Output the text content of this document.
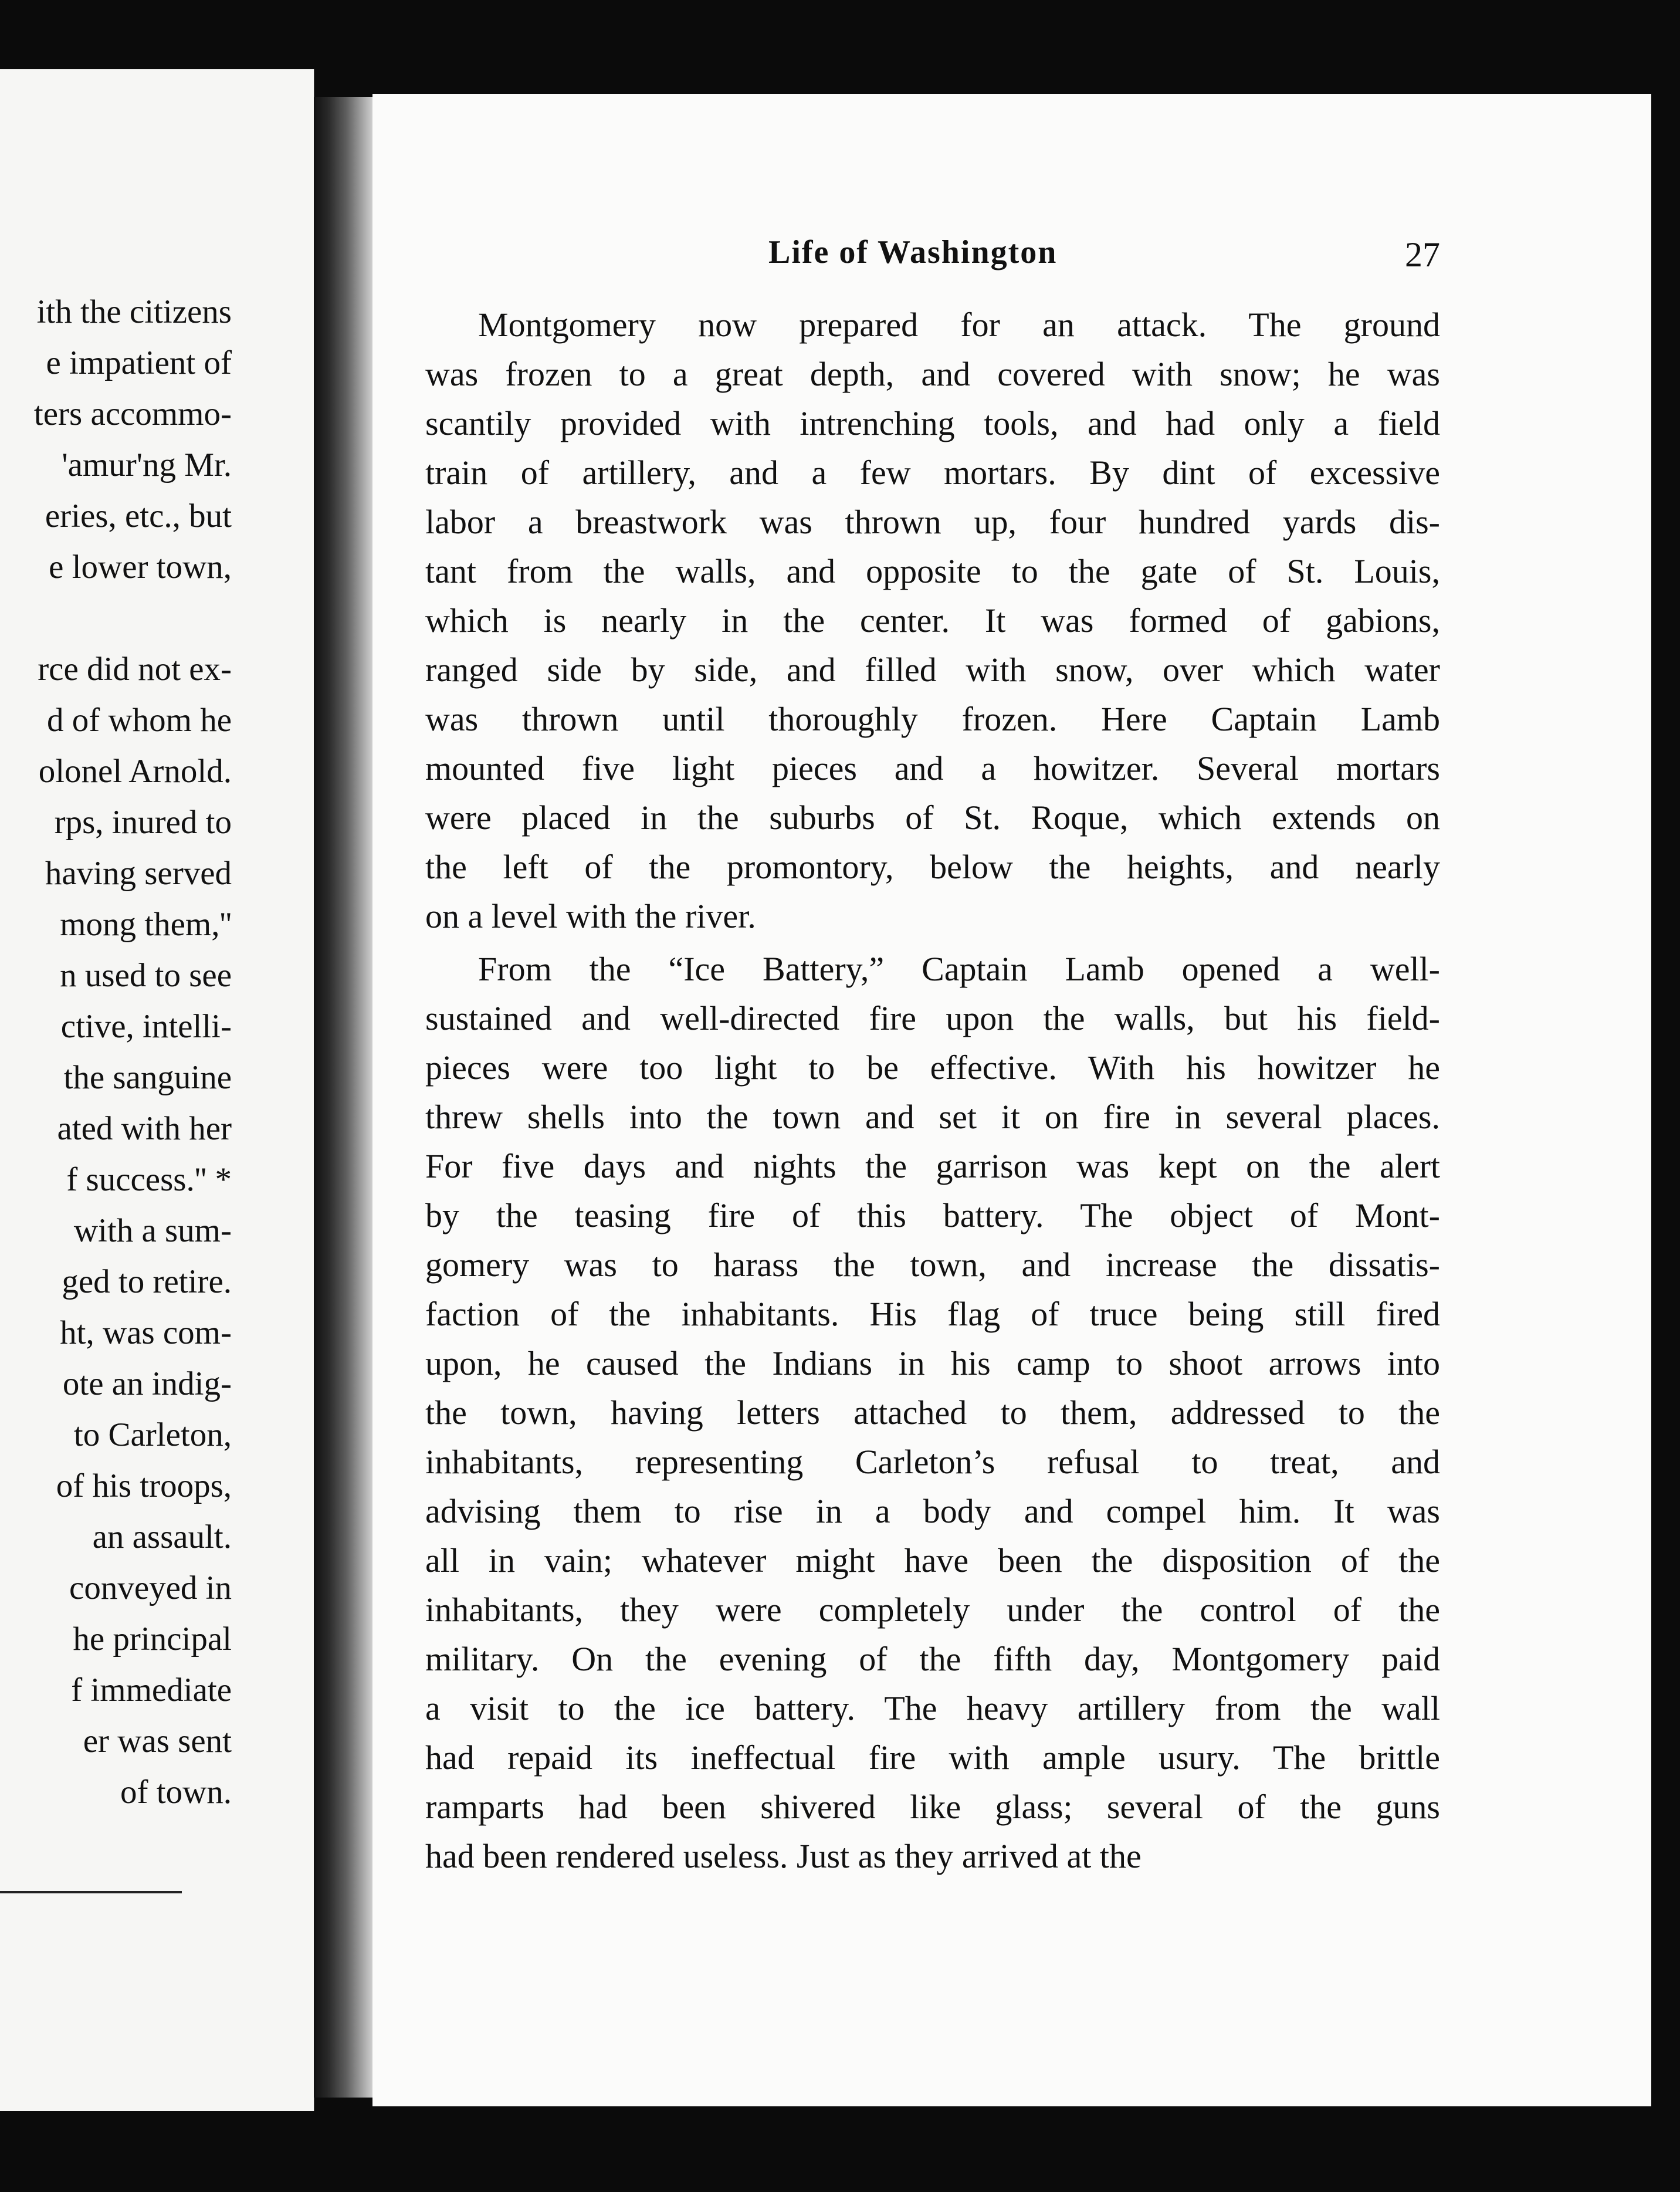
ith the citizens
e impatient of
ters accommo-
'amur'ng Mr.
eries, etc., but
e lower town,
rce did not ex-
d of whom he
olonel Arnold.
rps, inured to
having served
mong them,''
n used to see
ctive, intelli-
the sanguine
ated with her
f success.'' *
with a sum-
ged to retire.
ht, was com-
ote an indig-
to Carleton,
of his troops,
an assault.
conveyed in
he principal
f immediate
er was sent
of town.
Life of Washington	27
Montgomery now prepared for an attack. The ground
was frozen to a great depth, and covered with snow; he was
scantily provided with intrenching tools, and had only a field
train of artillery, and a few mortars. By dint of excessive
labor a breastwork was thrown up, four hundred yards dis-
tant from the walls, and opposite to the gate of St. Louis,
which is nearly in the center. It was formed of gabions,
ranged side by side, and filled with snow, over which water
was thrown until thoroughly frozen. Here Captain Lamb
mounted five light pieces and a howitzer. Several mortars
were placed in the suburbs of St. Roque, which extends on
the left of the promontory, below the heights, and nearly
on a level with the river.
From the “Ice Battery,” Captain Lamb opened a well-
sustained and well-directed fire upon the walls, but his field-
pieces were too light to be effective. With his howitzer he
threw shells into the town and set it on fire in several places.
For five days and nights the garrison was kept on the alert
by the teasing fire of this battery. The object of Mont-
gomery was to harass the town, and increase the dissatis-
faction of the inhabitants. His flag of truce being still fired
upon, he caused the Indians in his camp to shoot arrows into
the town, having letters attached to them, addressed to the
inhabitants, representing Carleton’s refusal to treat, and
advising them to rise in a body and compel him. It was
all in vain; whatever might have been the disposition of the
inhabitants, they were completely under the control of the
military. On the evening of the fifth day, Montgomery paid
a visit to the ice battery. The heavy artillery from the wall
had repaid its ineffectual fire with ample usury. The brittle
ramparts had been shivered like glass; several of the guns
had been rendered useless. Just as they arrived at the
